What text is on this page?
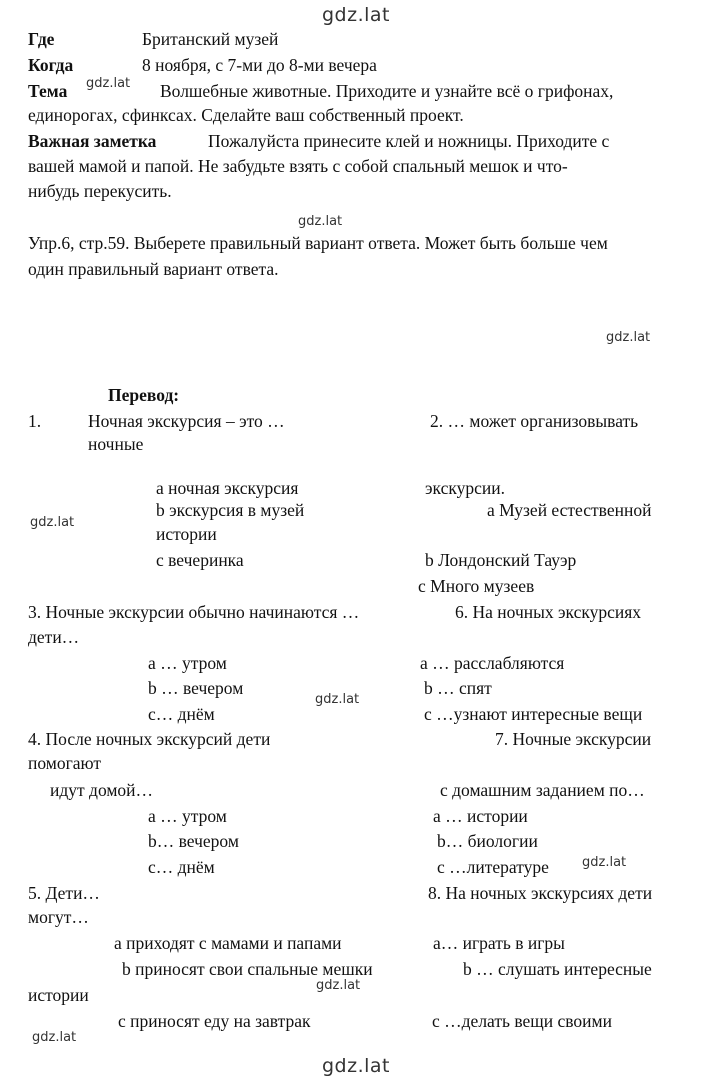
gdz.lat
gdz.lat
gdz.lat
gdz.lat
gdz.lat
gdz.lat
gdz.lat
gdz.lat
gdz.lat
gdz.lat
Где	Британский музей
Когда	8 ноября, с 7-ми до 8-ми вечера
Тема	Волшебные животные. Приходите и узнайте всё о грифонах,
единорогах, сфинксах. Сделайте ваш собственный проект.
Важная заметка	Пожалуйста принесите клей и ножницы. Приходите с
вашей мамой и папой. Не забудьте взять с собой спальный мешок и что-
нибудь перекусить.
Упр.6, стр.59. Выберете правильный вариант ответа. Может быть больше чем
один правильный вариант ответа.
Перевод:
1.	Ночная экскурсия – это …	2. … может организовывать
ночные
a ночная экскурсия	экскурсии.
b экскурсия в музей	a Музей естественной
истории
c вечеринка	b Лондонский Тауэр
c Много музеев
3. Ночные экскурсии обычно начинаются …	6. На ночных экскурсиях
дети…
a … утром	a … расслабляются
b … вечером	b … спят
c… днём	c …узнают интересные вещи
4. После ночных экскурсий дети	7. Ночные экскурсии
помогают
идут домой…	c домашним заданием по…
a … утром	a … истории
b… вечером	b… биологии
c… днём	c …литературе
5. Дети…	8. На ночных экскурсиях дети
могут…
a приходят с мамами и папами	a… играть в игры
b приносят свои спальные мешки	b … слушать интересные
истории
c приносят еду на завтрак	c …делать вещи своими
